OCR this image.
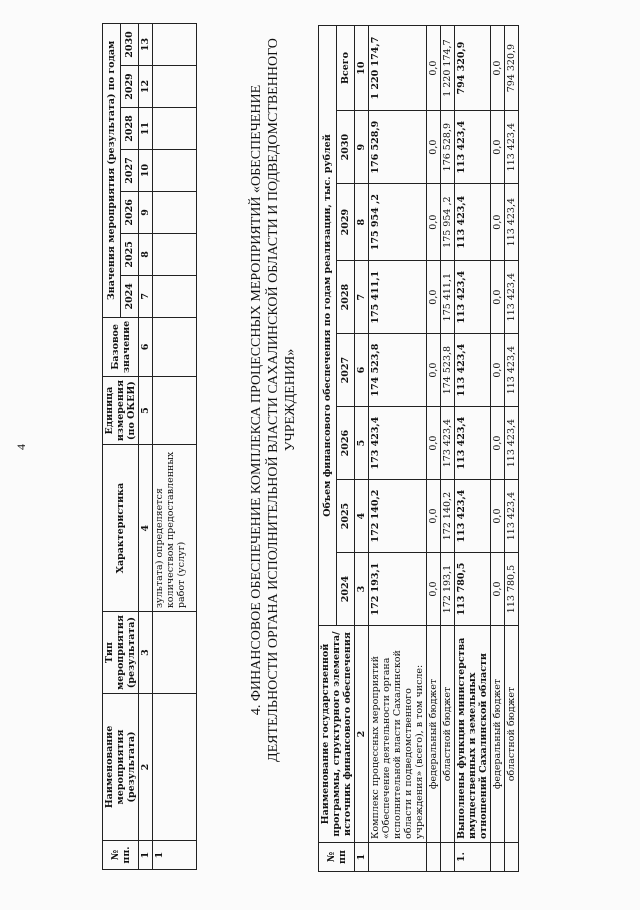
4
№ пп.	Наименование мероприятия (результата)	Тип мероприятия (результата)	Характеристика	Единица измерения (по ОКЕИ)	Базовое значение	Значения мероприятия (результата) по годам						
						2024	2025	2026	2027	2028	2029	2030
1	2	3	4	5	6	7	8	9	10	11	12	13
1			зультата) определяется количеством предоставленных работ (услуг)										4. ФИНАНСОВОЕ ОБЕСПЕЧЕНИЕ КОМПЛЕКСА ПРОЦЕССНЫХ МЕРОПРИЯТИЙ «ОБЕСПЕЧЕНИЕ ДЕЯТЕЛЬНОСТИ ОРГАНА ИСПОЛНИТЕЛЬНОЙ ВЛАСТИ САХАЛИНСКОЙ ОБЛАСТИ И ПОДВЕДОМСТВЕННОГО УЧРЕЖДЕНИЯ»
№ пп	Наименование государственной программы, структурного элемента/источник финансового обеспечения	Объем финансового обеспечения по годам реализации, тыс. рублей							
		2024	2025	2026	2027	2028	2029	2030	Всего
1	2	3	4	5	6	7	8	9	10
	Комплекс процессных мероприятий «Обеспечение деятельности органа исполнительной власти Сахалинской области и подведомственного учреждения» (всего), в том числе:	172 193,1	172 140,2	173 423,4	174 523,8	175 411,1	175 954 ,2	176 528,9	1 220 174,7
	федеральный бюджет	0,0	0,0	0,0	0,0	0,0	0,0	0,0	0,0
	областной бюджет	172 193,1	172 140,2	173 423,4	174 523,8	175 411,1	175 954 ,2	176 528,9	1 220 174,7
1.	Выполнены функции министерства имущественных и земельных отношений Сахалинской области	113 780,5	113 423,4	113 423,4	113 423,4	113 423,4	113 423,4	113 423,4	794 320,9
	федеральный бюджет	0,0	0,0	0,0	0,0	0,0	0,0	0,0	0,0
	областной бюджет	113 780,5	113 423,4	113 423,4	113 423,4	113 423,4	113 423,4	113 423,4	794 320,9
